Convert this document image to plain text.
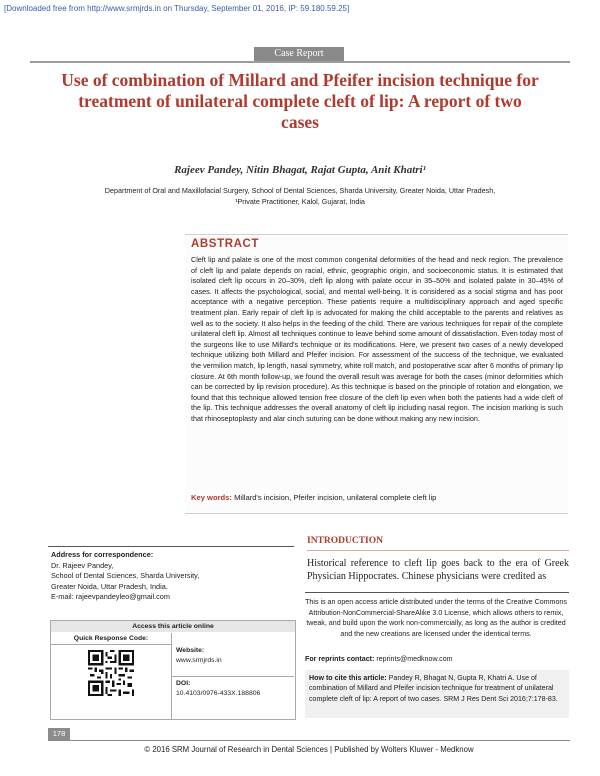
[Downloaded free from http://www.srmjrds.in on Thursday, September 01, 2016, IP: 59.180.59.25]
Case Report
Use of combination of Millard and Pfeifer incision technique for treatment of unilateral complete cleft of lip: A report of two cases
Rajeev Pandey, Nitin Bhagat, Rajat Gupta, Anit Khatri¹
Department of Oral and Maxillofacial Surgery, School of Dental Sciences, Sharda University, Greater Noida, Uttar Pradesh,
¹Private Practitioner, Kalol, Gujarat, India
ABSTRACT
Cleft lip and palate is one of the most common congenital deformities of the head and neck region. The prevalence of cleft lip and palate depends on racial, ethnic, geographic origin, and socioeconomic status. It is estimated that isolated cleft lip occurs in 20–30%, cleft lip along with palate occur in 35–50% and isolated palate in 30–45% of cases. It affects the psychological, social, and mental well-being. It is considered as a social stigma and has poor acceptance with a negative perception. These patients require a multidisciplinary approach and aged specific treatment plan. Early repair of cleft lip is advocated for making the child acceptable to the parents and relatives as well as to the society. It also helps in the feeding of the child. There are various techniques for repair of the complete unilateral cleft lip. Almost all techniques continue to leave behind some amount of dissatisfaction. Even today most of the surgeons like to use Millard's technique or its modifications. Here, we present two cases of a newly developed technique utilizing both Millard and Pfeifer incision. For assessment of the success of the technique, we evaluated the vermilion match, lip length, nasal symmetry, white roll match, and postoperative scar after 6 months of primary lip closure. At 6th month follow-up, we found the overall result was average for both the cases (minor deformities which can be corrected by lip revision procedure). As this technique is based on the principle of rotation and elongation, we found that this technique allowed tension free closure of the cleft lip even when both the patients had a wide cleft of the lip. This technique addresses the overall anatomy of cleft lip including nasal region. The incision marking is such that rhinoseptoplasty and alar cinch suturing can be done without making any new incision.
Key words: Millard's incision, Pfeifer incision, unilateral complete cleft lip
Address for correspondence:
Dr. Rajeev Pandey,
School of Dental Sciences, Sharda University,
Greater Noida, Uttar Pradesh, India.
E-mail: rajeevpandeyleo@gmail.com
Access this article online
Quick Response Code:
Website:
www.srmjrds.in
DOI:
10.4103/0976-433X.188806
INTRODUCTION
Historical reference to cleft lip goes back to the era of Greek Physician Hippocrates. Chinese physicians were credited as
This is an open access article distributed under the terms of the Creative Commons Attribution-NonCommercial-ShareAlike 3.0 License, which allows others to remix, tweak, and build upon the work non-commercially, as long as the author is credited and the new creations are licensed under the identical terms.
For reprints contact: reprints@medknow.com
How to cite this article: Pandey R, Bhagat N, Gupta R, Khatri A. Use of combination of Millard and Pfeifer incision technique for treatment of unilateral complete cleft of lip: A report of two cases. SRM J Res Dent Sci 2016;7:178-83.
178
© 2016 SRM Journal of Research in Dental Sciences | Published by Wolters Kluwer - Medknow
